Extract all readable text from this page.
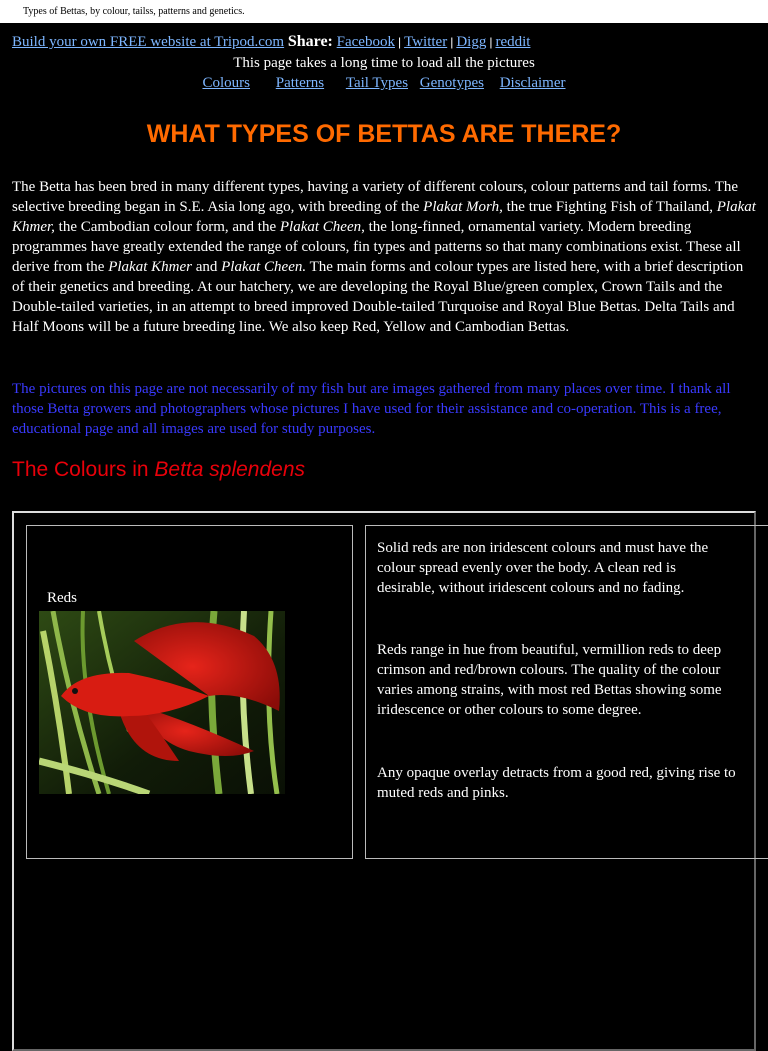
Types of Bettas, by colour, tailss, patterns and genetics.
Build your own FREE website at Tripod.com Share: Facebook | Twitter | Digg | reddit
This page takes a long time to load all the pictures
Colours Patterns Tail Types Genotypes Disclaimer
WHAT TYPES OF BETTAS ARE THERE?

The Betta has been bred in many different types, having a variety of different colours, colour patterns and tail forms. The selective breeding began in S.E. Asia long ago, with breeding of the Plakat Morh, the true Fighting Fish of Thailand, Plakat Khmer, the Cambodian colour form, and the Plakat Cheen, the long-finned, ornamental variety. Modern breeding programmes have greatly extended the range of colours, fin types and patterns so that many combinations exist. These all derive from the Plakat Khmer and Plakat Cheen. The main forms and colour types are listed here, with a brief description of their genetics and breeding. At our hatchery, we are developing the Royal Blue/green complex, Crown Tails and the Double-tailed varieties, in an attempt to breed improved Double-tailed Turquoise and Royal Blue Bettas. Delta Tails and Half Moons will be a future breeding line. We also keep Red, Yellow and Cambodian Bettas.

The pictures on this page are not necessarily of my fish but are images gathered from many places over time. I thank all those Betta growers and photographers whose pictures I have used for their assistance and co-operation. This is a free, educational page and all images are used for study purposes.

The Colours in Betta splendens
Reds

Solid reds are non iridescent colours and must have the colour spread evenly over the body. A clean red is desirable, without iridescent colours and no fading.

Reds range in hue from beautiful, vermillion reds to deep crimson and red/brown colours. The quality of the colour varies among strains, with most red Bettas showing some iridescence or other colours to some degree.

Any opaque overlay detracts from a good red, giving rise to muted reds and pinks.
